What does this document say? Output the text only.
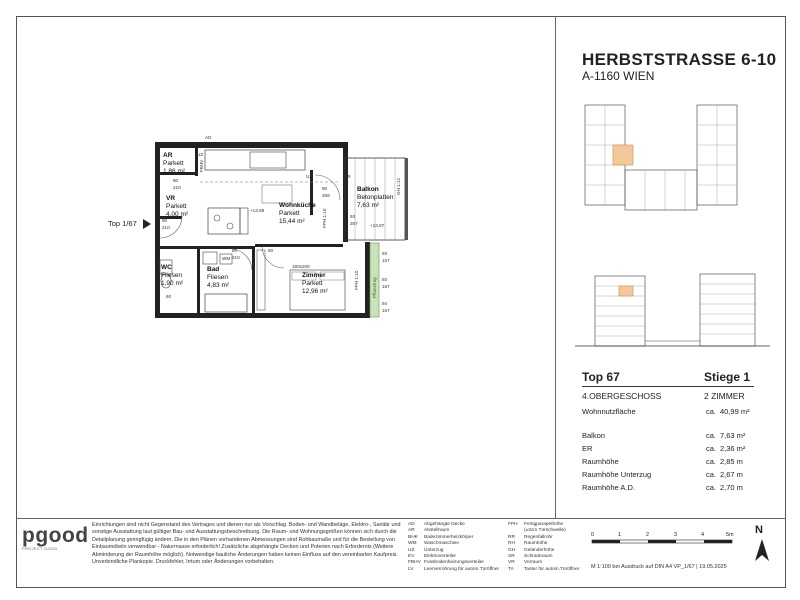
AR
Parkett
1,86 m²
VR
Parkett
4,00 m²
Wohnküche
Parkett
15,44 m²
Balkon
Betonplatten
7,63 m²
WC
Fliesen
1,90 m²
Bad
Fliesen
4,83 m²
Zimmer
Parkett
12,96 m²
UZ
UZ
AD
RR
WM
180x200
+13,89
+13,87
80
210
90
210
80
259
93
267
93
157
93
157
94
157
80
210
80
60
GH 1:12
FPH 1:10
FPH 1:10
FBHV
Pflanztrog
Top 1/67
HERBSTSTRASSE 6-10
A-1160 WIEN
Top 67	Stiege 1
4.OBERGESCHOSS	2 ZIMMER
Wohnnutzfläche	ca. 40,99 m²
Balkon	ca. 7,63 m²
ER	ca. 2,36 m²
Raumhöhe	ca. 2,85 m
Raumhöhe Unterzug	ca. 2,67 m
Raumhöhe A.D.	ca. 2,70 m
pgood
PROJECT GOOD
Einrichtungen sind nicht Gegenstand des Vertrages und dienen nur als Vorschlag. Boden- und Wandbeläge, Elektro-, Sanitär und sonstige Ausstattung laut gültiger Bau- und Ausstattungsbeschreibung. Die Raum- und Wohnungsgrößen können sich durch die Detailplanung geringfügig ändern. Die in den Plänen vorhandenen Abmessungen sind Rohbaumaße und für die Bestellung von Einbaumöbeln verwendbar - Naturmasse erforderlich! Zusätzliche abgehängte Decken und Poterien nach Erfordernis (Weitere Abminderung der Raumhöhe möglich). Notwendige bauliche Änderungen haben keinen Einfluss auf den vereinbarten Kaufpreis. Unverbindliche Plankopie. Druckfehler, Irrtum oder Änderungen vorbehalten.
AD Abgehängte Decke
AR Abstellraum
BHK Badezimmerheizkörper
WM Waschmaschine
UZ Unterzug
EV Elektroverteiler
FBHV Fussbodenheizungsverteiler
LV Leerverrohrung für autom.Türöffner
FPH Fertigparapethöhe
(±3cm Türschwelle)
RR Regenfallrohr
RH Raumhöhe
GH Geländerhöhe
SR Schrankraum
VR Vorraum
TA Taster für autom.Türöffner
0	1	2	3	4	5m
M 1:100 bei Ausdruck auf DIN A4 VP_1/67 | 19.05.2025
N
